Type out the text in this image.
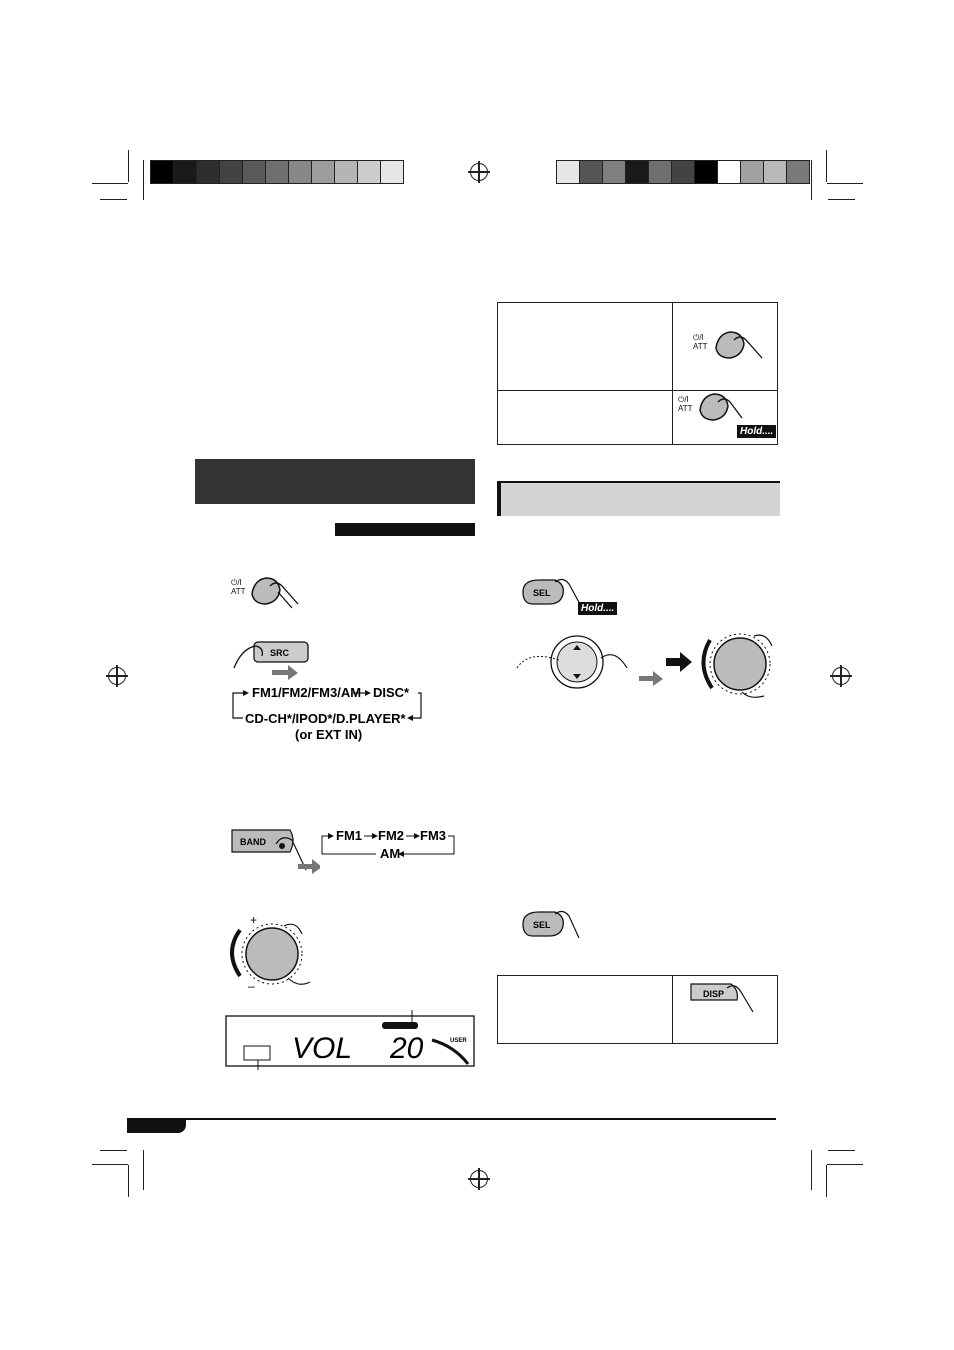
⏻/I
ATT
SRC
FM1/FM2/FM3/AM DISC*
CD-CH*/IPOD*/D.PLAYER*
(or EXT IN)
BAND	FM1 FM2 FM3
AM
+
–
VOL 20	USER
⏻/I
ATT
⏻/I
ATT
Hold....
SEL
Hold....
SEL
DISP
